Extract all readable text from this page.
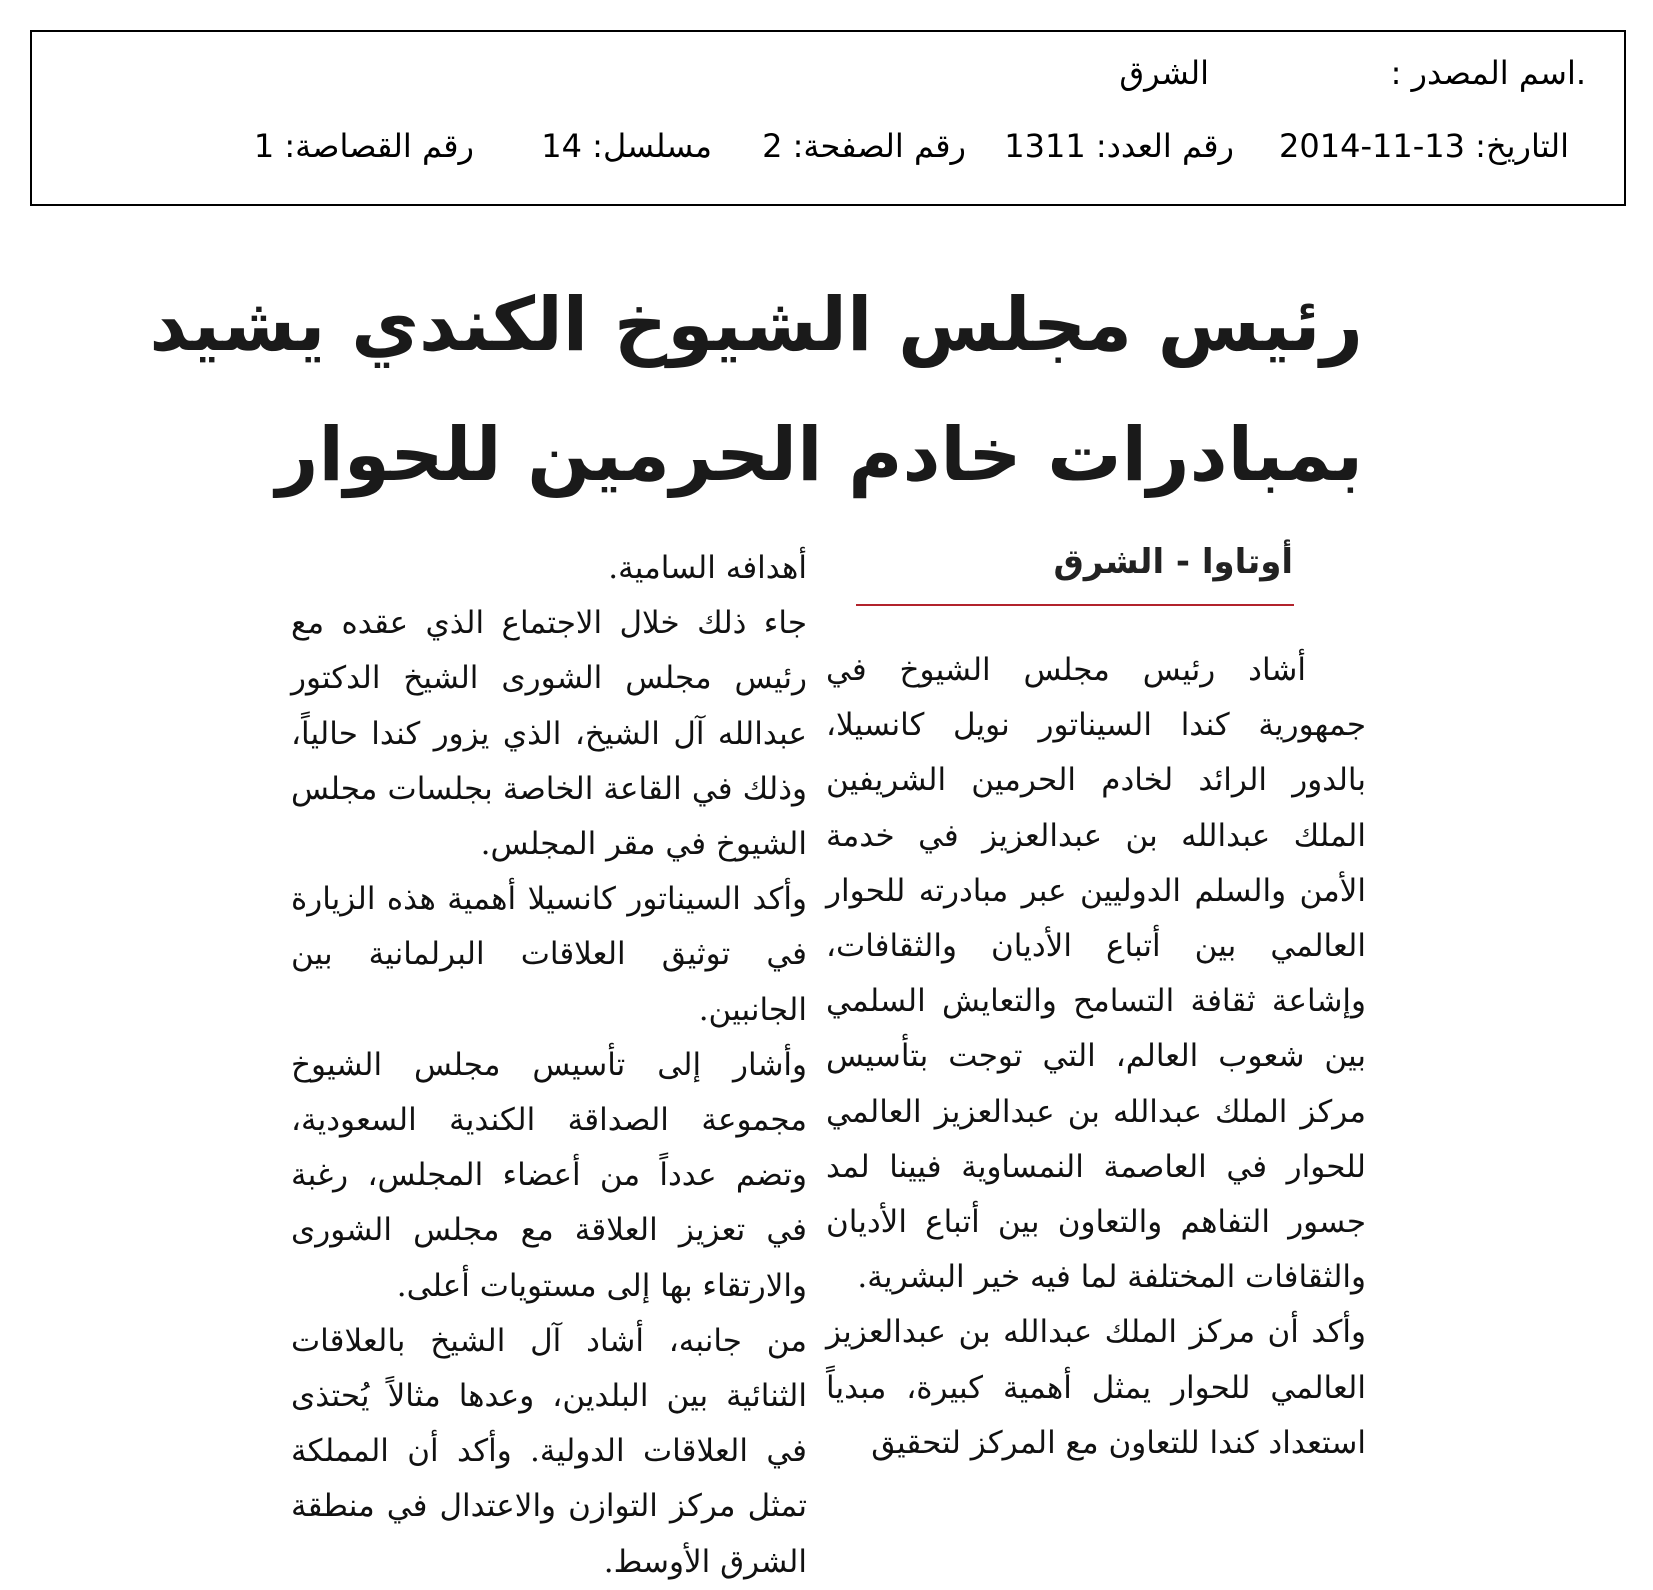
.اسم المصدر :
الشرق
التاريخ: 13-11-2014
رقم العدد: 1311
رقم الصفحة: 2
مسلسل: 14
رقم القصاصة: 1
رئيس مجلس الشيوخ الكندي يشيد
بمبادرات خادم الحرمين للحوار
أوتاوا - الشرق

أشاد رئيس مجلس الشيوخ في جمهورية كندا السيناتور نويل كانسيلا، بالدور الرائد لخادم الحرمين الشريفين الملك عبدالله بن عبدالعزيز في خدمة الأمن والسلم الدوليين عبر مبادرته للحوار العالمي بين أتباع الأديان والثقافات، وإشاعة ثقافة التسامح والتعايش السلمي بين شعوب العالم، التي توجت بتأسيس مركز الملك عبدالله بن عبدالعزيز العالمي للحوار في العاصمة النمساوية فيينا لمد جسور التفاهم والتعاون بين أتباع الأديان والثقافات المختلفة لما فيه خير البشرية.

وأكد أن مركز الملك عبدالله بن عبدالعزيز العالمي للحوار يمثل أهمية كبيرة، مبدياً استعداد كندا للتعاون مع المركز لتحقيق

أهدافه السامية.

جاء ذلك خلال الاجتماع الذي عقده مع رئيس مجلس الشورى الشيخ الدكتور عبدالله آل الشيخ، الذي يزور كندا حالياً، وذلك في القاعة الخاصة بجلسات مجلس الشيوخ في مقر المجلس.

وأكد السيناتور كانسيلا أهمية هذه الزيارة في توثيق العلاقات البرلمانية بين الجانبين.

وأشار إلى تأسيس مجلس الشيوخ مجموعة الصداقة الكندية السعودية، وتضم عدداً من أعضاء المجلس، رغبة في تعزيز العلاقة مع مجلس الشورى والارتقاء بها إلى مستويات أعلى.

من جانبه، أشاد آل الشيخ بالعلاقات الثنائية بين البلدين، وعدها مثالاً يُحتذى في العلاقات الدولية. وأكد أن المملكة تمثل مركز التوازن والاعتدال في منطقة الشرق الأوسط.
